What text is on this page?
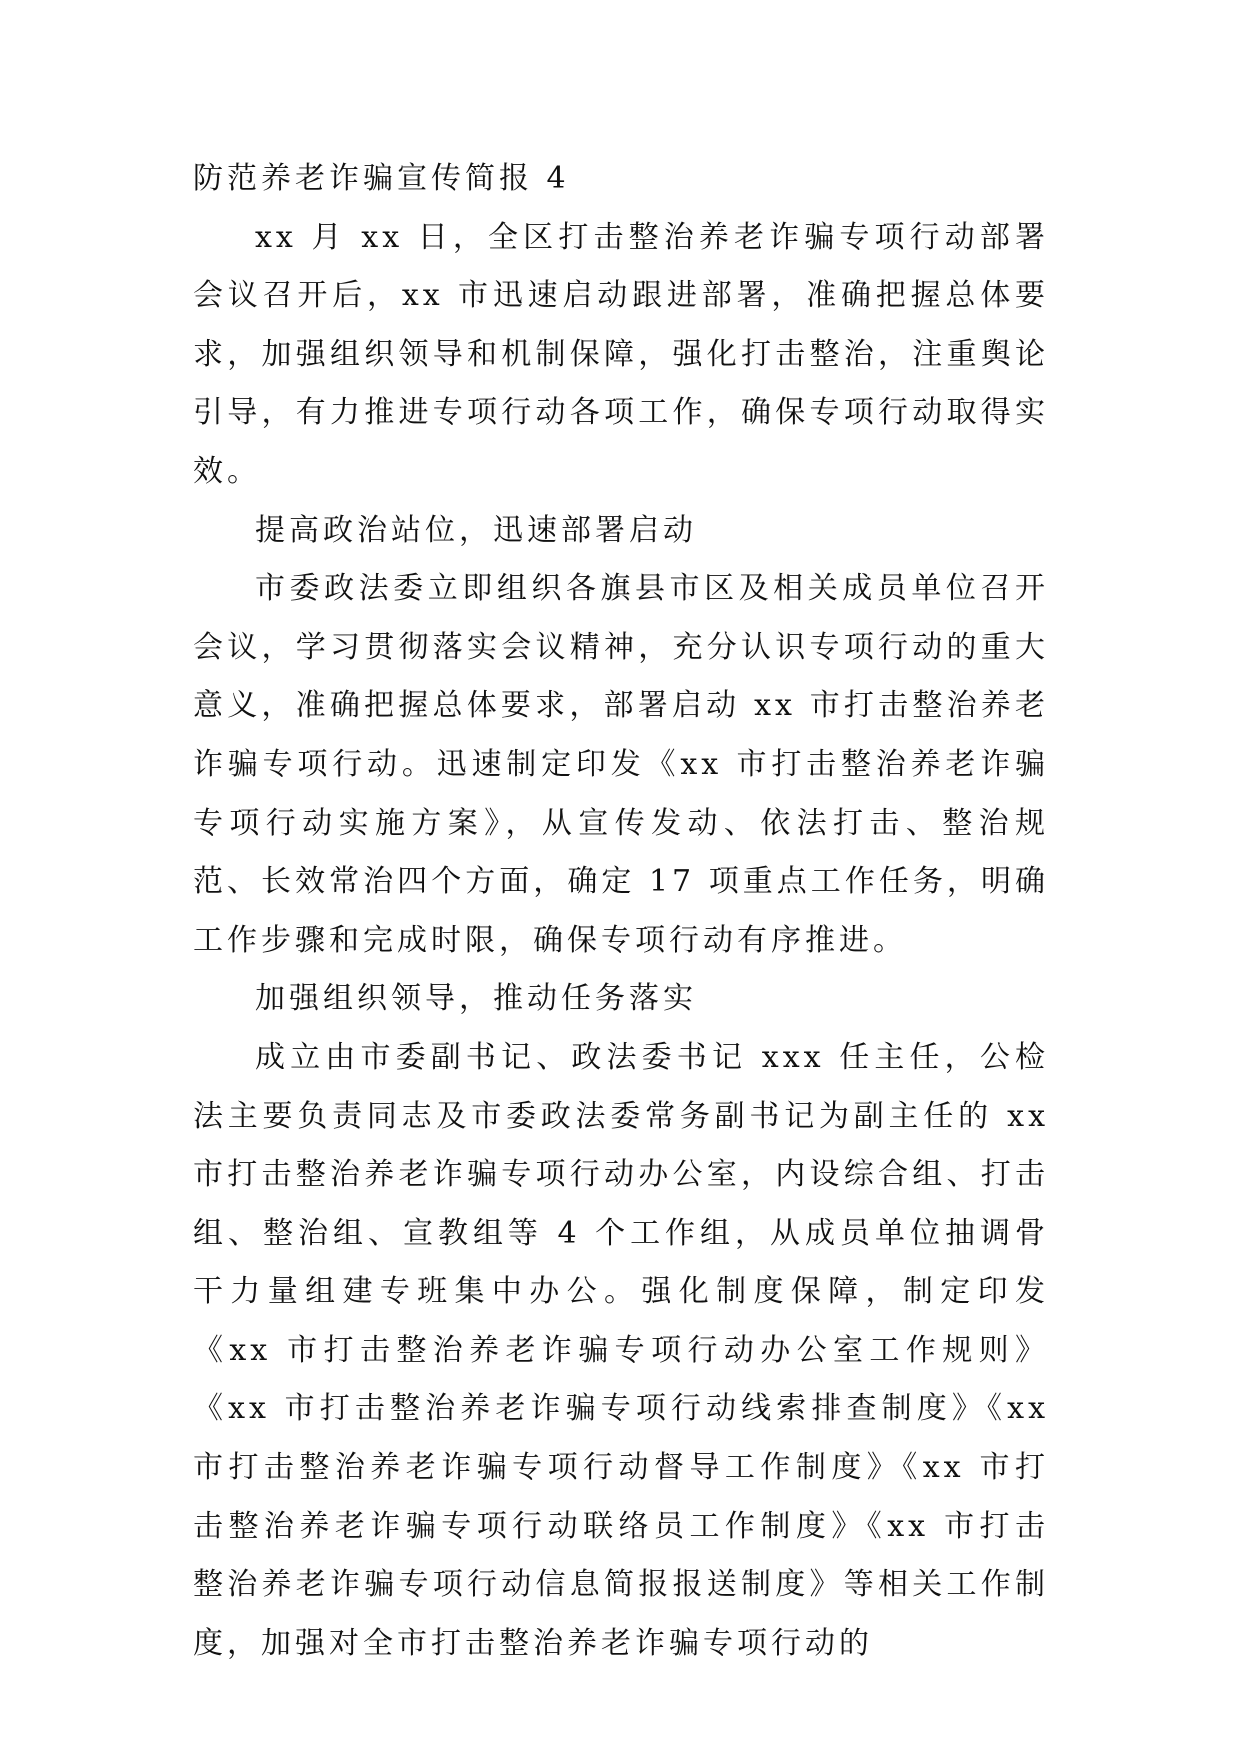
防范养老诈骗宣传简报 4

xx 月 xx 日，全区打击整治养老诈骗专项行动部署会议召开后，xx 市迅速启动跟进部署，准确把握总体要求，加强组织领导和机制保障，强化打击整治，注重舆论引导，有力推进专项行动各项工作，确保专项行动取得实效。

提高政治站位，迅速部署启动

市委政法委立即组织各旗县市区及相关成员单位召开会议，学习贯彻落实会议精神，充分认识专项行动的重大意义，准确把握总体要求，部署启动 xx 市打击整治养老诈骗专项行动。迅速制定印发《xx 市打击整治养老诈骗专项行动实施方案》，从宣传发动、依法打击、整治规范、长效常治四个方面，确定 17 项重点工作任务，明确工作步骤和完成时限，确保专项行动有序推进。

加强组织领导，推动任务落实

成立由市委副书记、政法委书记 xxx 任主任，公检法主要负责同志及市委政法委常务副书记为副主任的 xx 市打击整治养老诈骗专项行动办公室，内设综合组、打击组、整治组、宣教组等 4 个工作组，从成员单位抽调骨干力量组建专班集中办公。强化制度保障，制定印发《xx 市打击整治养老诈骗专项行动办公室工作规则》《xx 市打击整治养老诈骗专项行动线索排查制度》《xx 市打击整治养老诈骗专项行动督导工作制度》《xx 市打击整治养老诈骗专项行动联络员工作制度》《xx 市打击整治养老诈骗专项行动信息简报报送制度》等相关工作制度，加强对全市打击整治养老诈骗专项行动的
